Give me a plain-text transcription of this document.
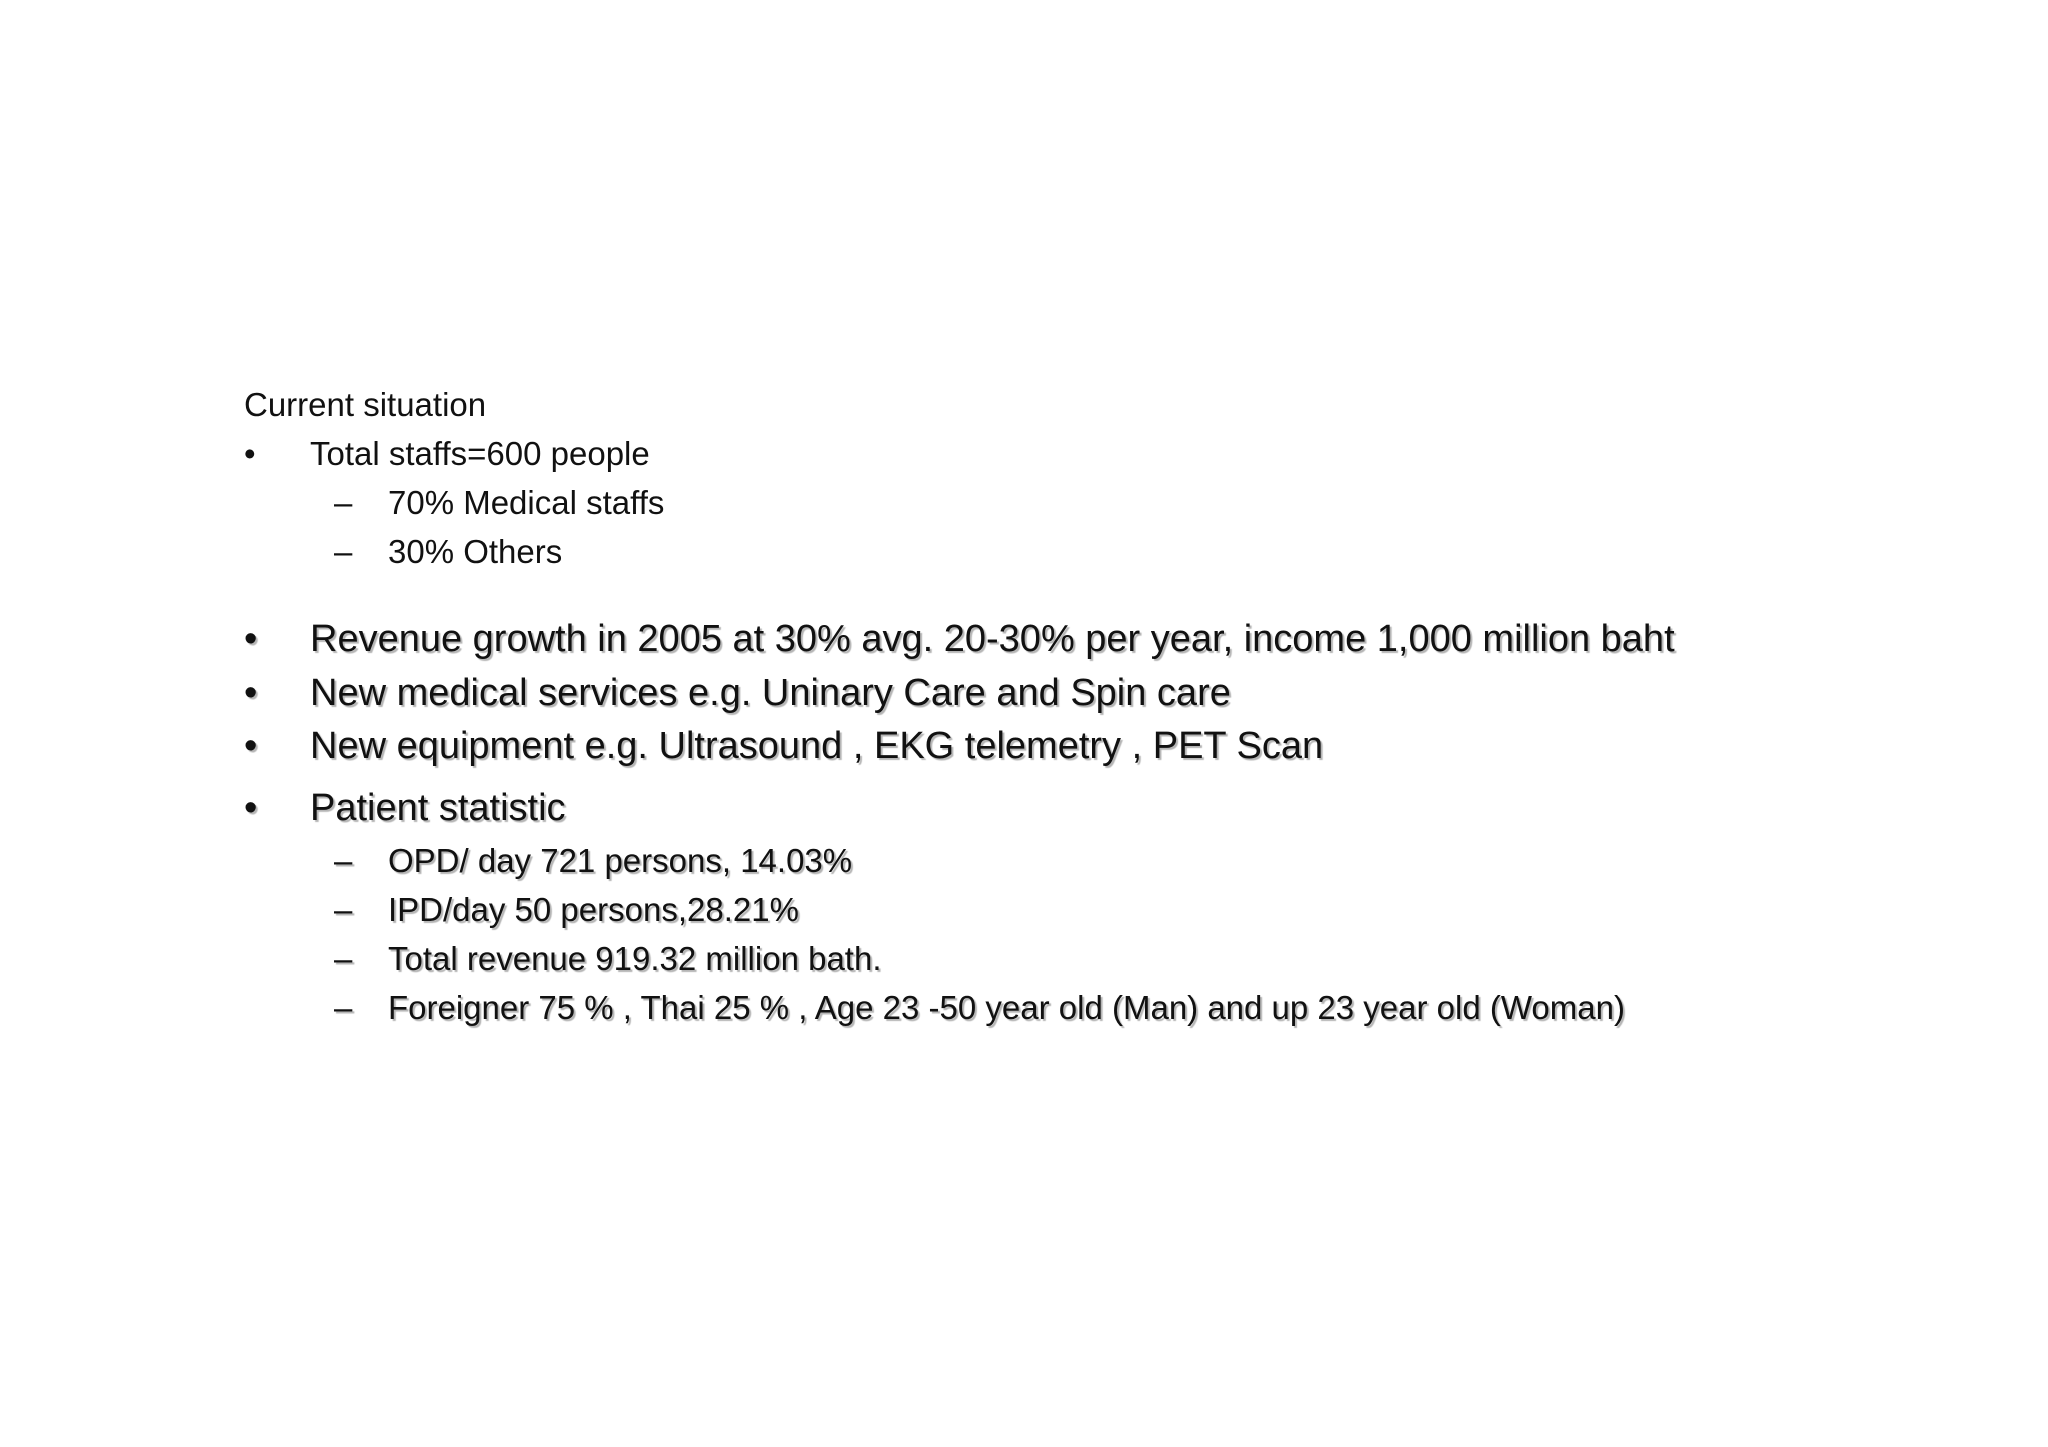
Current situation
• Total staffs=600 people
– 70% Medical staffs
– 30% Others
• Revenue growth in 2005 at 30% avg. 20-30% per year, income 1,000 million baht
• New medical services e.g. Uninary Care and Spin care
• New equipment e.g. Ultrasound , EKG telemetry , PET Scan
• Patient statistic
– OPD/ day 721 persons, 14.03%
– IPD/day 50 persons,28.21%
– Total revenue 919.32 million bath.
– Foreigner 75 % , Thai 25 % , Age 23 -50 year old (Man) and up 23 year old (Woman)
